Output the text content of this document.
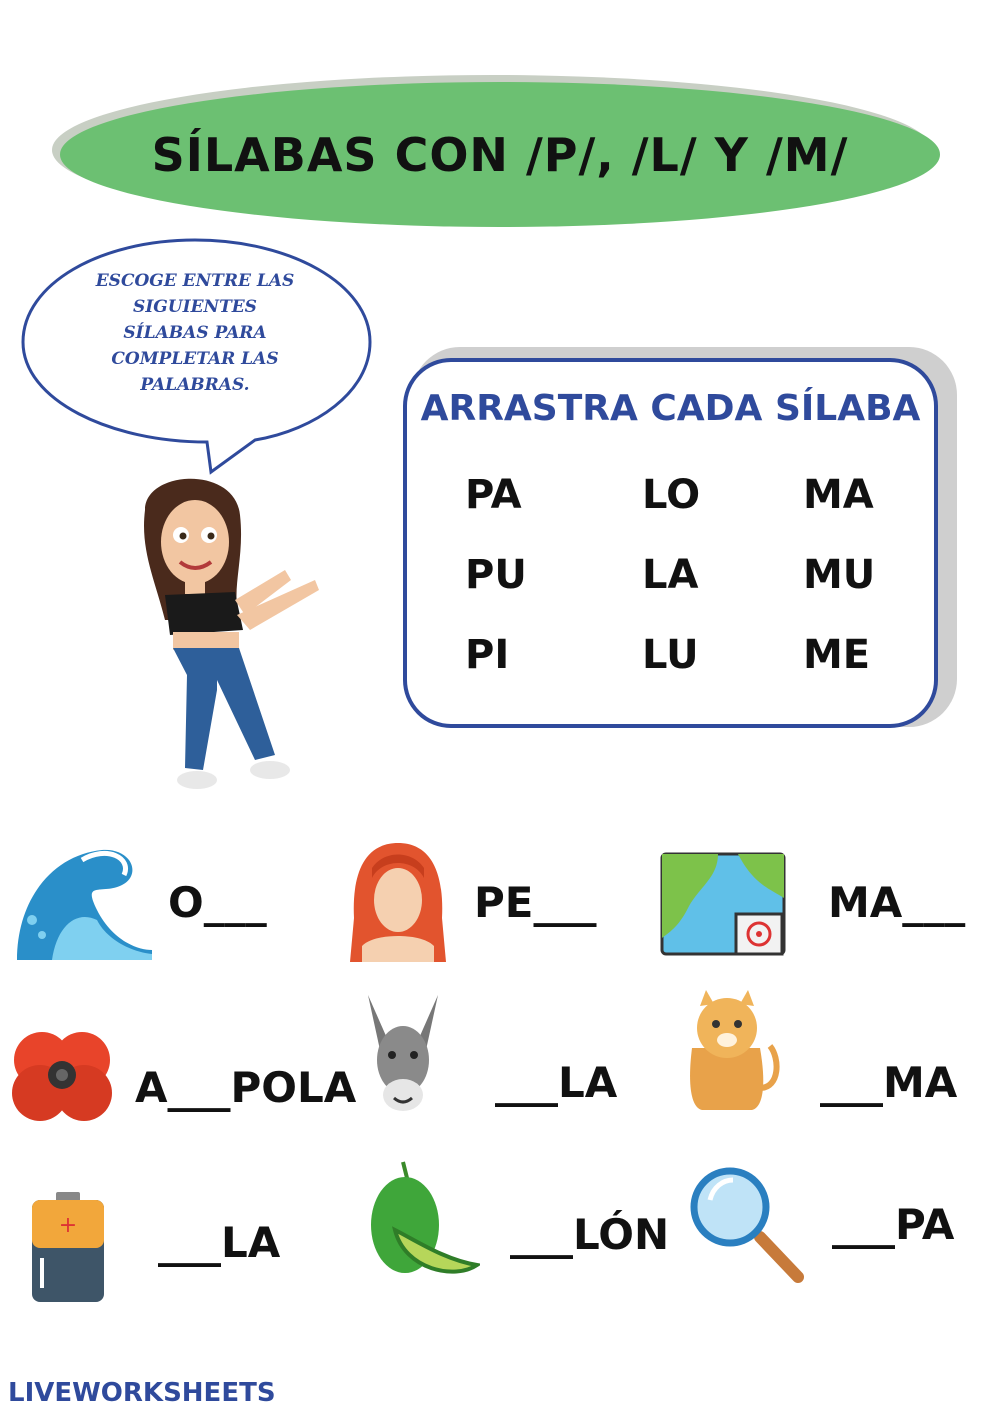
SÍLABAS CON /P/, /L/ Y /M/
ESCOGE ENTRE LAS
SIGUIENTES
SÍLABAS PARA
COMPLETAR LAS
PALABRAS.
ARRASTRA CADA SÍLABA
PA	LO	MA
PU	LA	MU
PI	LU	ME
O___	PE___	MA___
A___POLA	___LA	___MA
+ ___LA	___LÓN	___PA
LIVEWORKSHEETS
